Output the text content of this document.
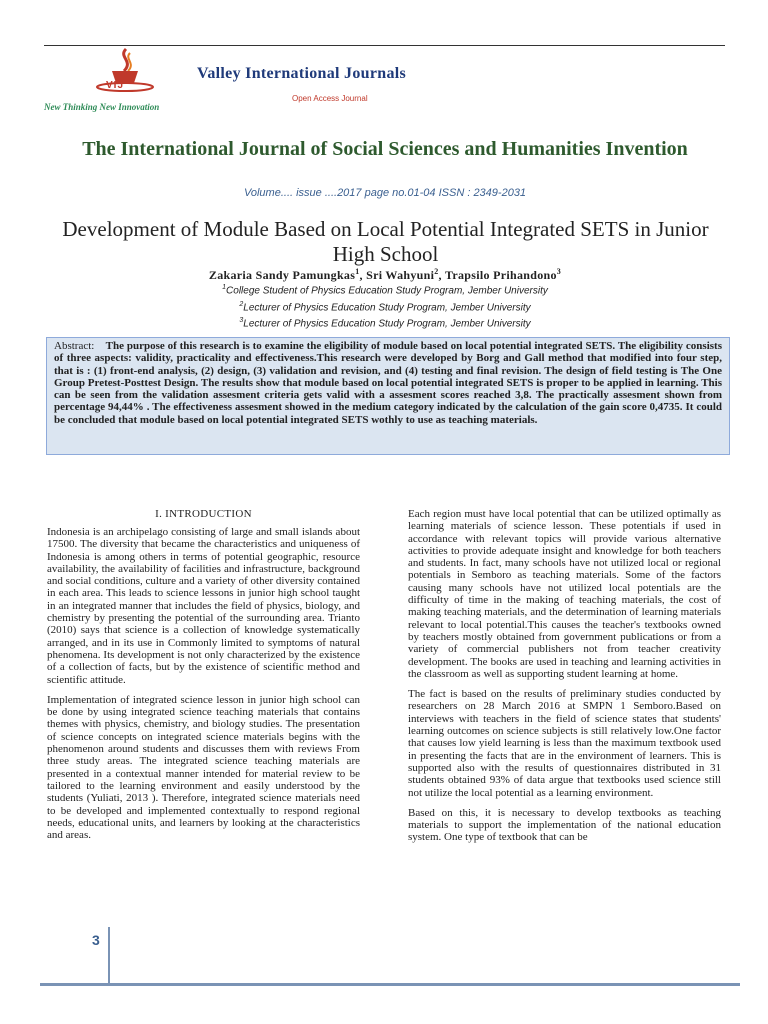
VIJ
New Thinking New Innovation
Valley International Journals
Open Access Journal
The International Journal of Social Sciences and Humanities Invention
Volume.... issue ....2017 page no.01-04 ISSN : 2349-2031
Development of Module Based on Local Potential Integrated SETS in Junior High School
Zakaria Sandy Pamungkas$^1$, Sri Wahyuni$^2$, Trapsilo Prihandono$^3$
$^1$College Student of Physics Education Study Program, Jember University
$^2$Lecturer of Physics Education Study Program, Jember University
$^3$Lecturer of Physics Education Study Program, Jember University
Abstract: The purpose of this research is to examine the eligibility of module based on local potential integrated SETS. The eligibility consists of three aspects: validity, practicality and effectiveness.This research were developed by Borg and Gall method that modified into four step, that is : (1) front-end analysis, (2) design, (3) validation and revision, and (4) testing and final revision. The design of field testing is The One Group Pretest-Posttest Design. The results show that module based on local potential integrated SETS is proper to be applied in learning. This can be seen from the validation assesment criteria gets valid with a assesment scores reached 3,8. The practically assesment shown from percentage 94,44% . The effectiveness assesment showed in the medium category indicated by the calculation of the gain score 0,4735. It could be concluded that module based on local potential integrated SETS wothly to use as teaching materials.
I. INTRODUCTION

Indonesia is an archipelago consisting of large and small islands about 17500. The diversity that became the characteristics and uniqueness of Indonesia is among others in terms of potential geographic, resource availability, the availability of facilities and infrastructure, background and social conditions, culture and a variety of other diversity contained in each area. This leads to science lessons in junior high school taught in an integrated manner that includes the field of physics, biology, and chemistry by presenting the potential of the surrounding area. Trianto (2010) says that science is a collection of knowledge systematically arranged, and in its use in Commonly limited to symptoms of natural phenomena. Its development is not only characterized by the existence of a collection of facts, but by the existence of scientific method and scientific attitude.

Implementation of integrated science lesson in junior high school can be done by using integrated science teaching materials that contains themes with physics, chemistry, and biology studies. The presentation of science concepts on integrated science materials begins with the phenomenon around students and discusses them with reviews From three study areas. The integrated science teaching materials are presented in a contextual manner intended for material review to be tailored to the learning environment and easily understood by the students (Yuliati, 2013 ). Therefore, integrated science materials need to be developed and implemented contextually to respond regional needs, educational units, and learners by looking at the characteristics and areas.

Each region must have local potential that can be utilized optimally as learning materials of science lesson. These potentials if used in accordance with relevant topics will provide various alternative activities to provide adequate insight and knowledge for both teachers and students. In fact, many schools have not utilized local or regional potentials in Semboro as teaching materials. Some of the factors causing many schools have not utilized local potentials are the difficulty of time in the making of teaching materials, the cost of making teaching materials, and the determination of learning materials relevant to local potential.This causes the teacher's textbooks owned by teachers mostly obtained from government publications or from a variety of commercial publishers not from teacher creativity development. The books are used in teaching and learning activities in the classroom as well as supporting student learning at home.

The fact is based on the results of preliminary studies conducted by researchers on 28 March 2016 at SMPN 1 Semboro.Based on interviews with teachers in the field of science states that students' learning outcomes on science subjects is still relatively low.One factor that causes low yield learning is less than the maximum textbook used in presenting the facts that are in the environment of learners. This is supported also with the results of questionnaires distributed in 31 students obtained 93% of data argue that textbooks used science still not utilize the local potential as a learning environment.

Based on this, it is necessary to develop textbooks as teaching materials to support the implementation of the national education system. One type of textbook that can be

3
